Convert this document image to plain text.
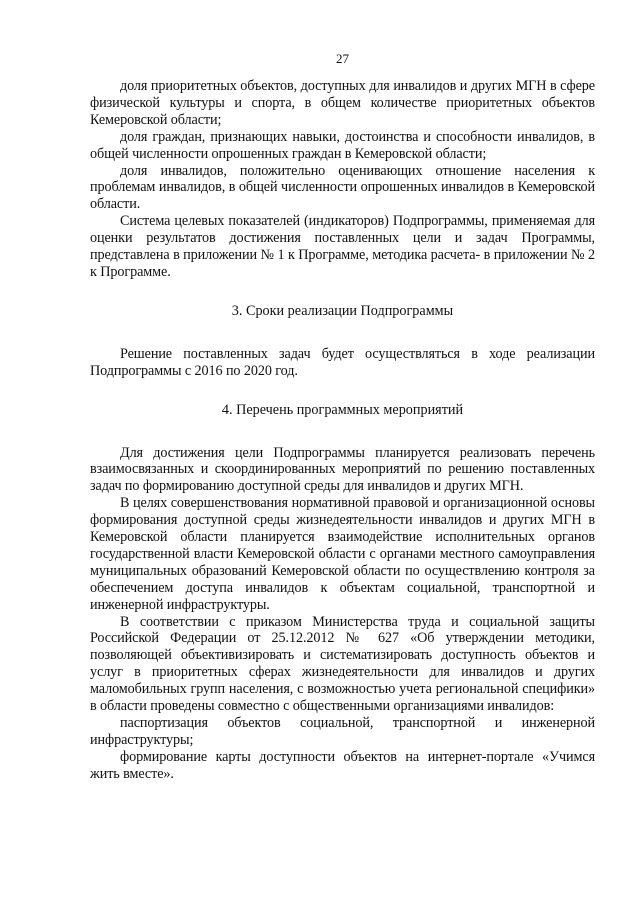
27

доля приоритетных объектов, доступных для инвалидов и других МГН в сфере физической культуры и спорта, в общем количестве приоритетных объектов Кемеровской области;

доля граждан, признающих навыки, достоинства и способности инвалидов, в общей численности опрошенных граждан в Кемеровской области;

доля инвалидов, положительно оценивающих отношение населения к проблемам инвалидов, в общей численности опрошенных инвалидов в Кемеровской области.

Система целевых показателей (индикаторов) Подпрограммы, применяемая для оценки результатов достижения поставленных цели и задач Программы, представлена в приложении № 1 к Программе, методика расчета- в приложении № 2 к Программе.

3. Сроки реализации Подпрограммы

Решение поставленных задач будет осуществляться в ходе реализации Подпрограммы с 2016 по 2020 год.

4. Перечень программных мероприятий

Для достижения цели Подпрограммы планируется реализовать перечень взаимосвязанных и скоординированных мероприятий по решению поставленных задач по формированию доступной среды для инвалидов и других МГН.

В целях совершенствования нормативной правовой и организационной основы формирования доступной среды жизнедеятельности инвалидов и других МГН в Кемеровской области планируется взаимодействие исполнительных органов государственной власти Кемеровской области с органами местного самоуправления муниципальных образований Кемеровской области по осуществлению контроля за обеспечением доступа инвалидов к объектам социальной, транспортной и инженерной инфраструктуры.

В соответствии с приказом Министерства труда и социальной защиты Российской Федерации от 25.12.2012 № 627 «Об утверждении методики, позволяющей объективизировать и систематизировать доступность объектов и услуг в приоритетных сферах жизнедеятельности для инвалидов и других маломобильных групп населения, с возможностью учета региональной специфики» в области проведены совместно с общественными организациями инвалидов:

паспортизация объектов социальной, транспортной и инженерной инфраструктуры;

формирование карты доступности объектов на интернет-портале «Учимся жить вместе».
